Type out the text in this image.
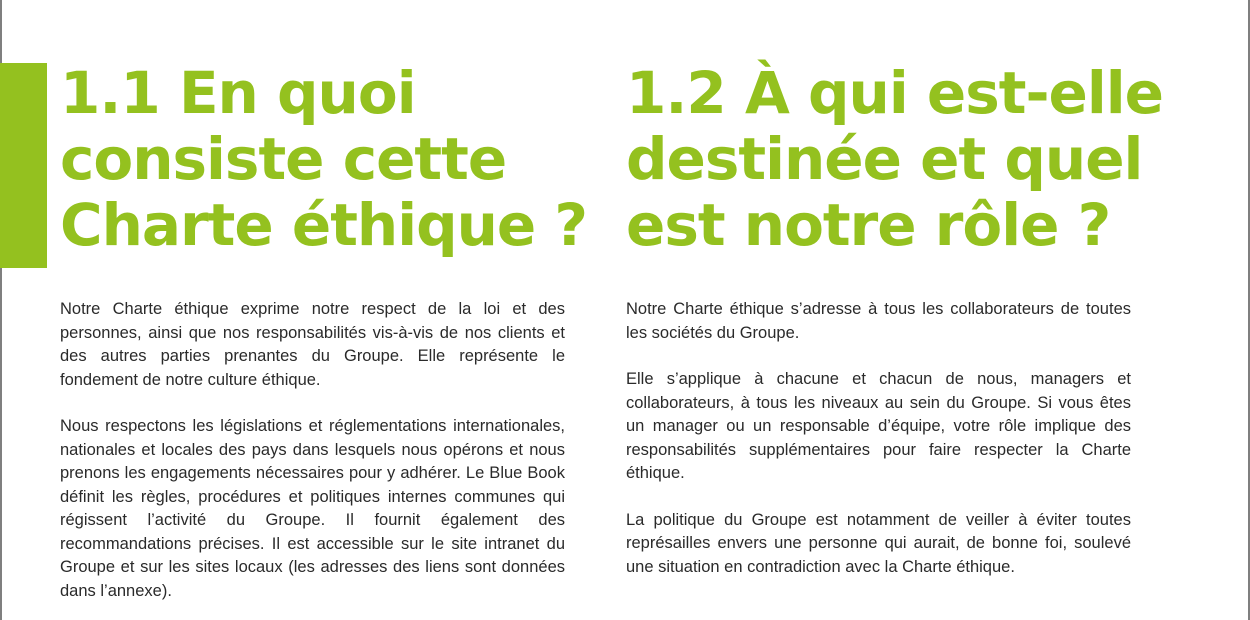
1.1 En quoi
consiste cette
Charte éthique ?

Notre Charte éthique exprime notre respect de la loi et des personnes, ainsi que nos responsabilités vis-à-vis de nos clients et des autres parties prenantes du Groupe. Elle représente le fondement de notre culture éthique.

Nous respectons les législations et réglementations internationales, nationales et locales des pays dans lesquels nous opérons et nous prenons les engagements nécessaires pour y adhérer. Le Blue Book définit les règles, procédures et politiques internes communes qui régissent l’activité du Groupe. Il fournit également des recommandations précises. Il est accessible sur le site intranet du Groupe et sur les sites locaux (les adresses des liens sont données dans l’annexe).

1.2 À qui est-elle
destinée et quel
est notre rôle ?

Notre Charte éthique s’adresse à tous les collaborateurs de toutes les sociétés du Groupe.

Elle s’applique à chacune et chacun de nous, managers et collaborateurs, à tous les niveaux au sein du Groupe. Si vous êtes un manager ou un responsable d’équipe, votre rôle implique des responsabilités supplémentaires pour faire respecter la Charte éthique.

La politique du Groupe est notamment de veiller à éviter toutes représailles envers une personne qui aurait, de bonne foi, soulevé une situation en contradiction avec la Charte éthique.
